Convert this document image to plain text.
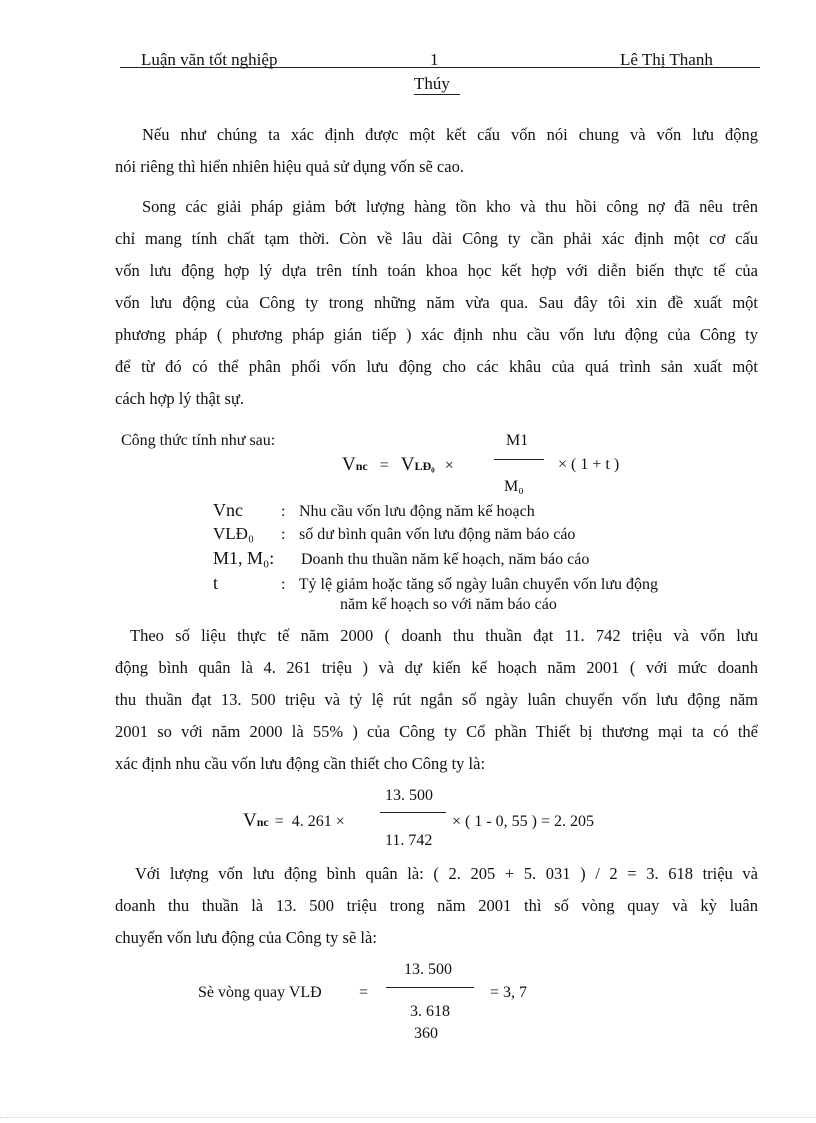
Luận văn tốt nghiệp	1	Lê Thị Thanh
Thúy
Nếu như chúng ta xác định được một kết cấu vốn nói chung và vốn lưu động
nói riêng thì hiển nhiên hiệu quả sử dụng vốn sẽ cao.
Song các giải pháp giảm bớt lượng hàng tồn kho và thu hồi công nợ đã nêu trên
chỉ mang tính chất tạm thời. Còn về lâu dài Công ty cần phải xác định một cơ cấu
vốn lưu động hợp lý dựa trên tính toán khoa học kết hợp với diễn biến thực tế của
vốn lưu động của Công ty trong những năm vừa qua. Sau đây tôi xin đề xuất một
phương pháp ( phương pháp gián tiếp ) xác định nhu cầu vốn lưu động của Công ty
để từ đó có thể phân phối vốn lưu động cho các khâu của quá trình sản xuất một
cách hợp lý thật sự.
Công thức tính như sau:	M1
M₀
Vnc = VLĐ₀ ×	× ( 1 + t )
Vnc : Nhu cầu vốn lưu động năm kế hoạch
VLĐ₀ : số dư bình quân vốn lưu động năm báo cáo
M1, M₀: Doanh thu thuần năm kế hoạch, năm báo cáo
t	: Tỷ lệ giảm hoặc tăng số ngày luân chuyển vốn lưu động
năm kế hoạch so với năm báo cáo
Theo số liệu thực tế năm 2000 ( doanh thu thuần đạt 11. 742 triệu và vốn lưu
động bình quân là 4. 261 triệu ) và dự kiến kế hoạch năm 2001 ( với mức doanh
thu thuần đạt 13. 500 triệu và tỷ lệ rút ngắn số ngày luân chuyển vốn lưu động năm
2001 so với năm 2000 là 55% ) của Công ty Cổ phần Thiết bị thương mại ta có thể
xác định nhu cầu vốn lưu động cần thiết cho Công ty là:
13. 500
11. 742
Vnc = 4. 261 ×	× ( 1 - 0, 55 ) = 2. 205
Với lượng vốn lưu động bình quân là: ( 2. 205 + 5. 031 ) / 2 = 3. 618 triệu và
doanh thu thuần là 13. 500 triệu trong năm 2001 thì số vòng quay và kỳ luân
chuyển vốn lưu động của Công ty sẽ là:
13. 500
3. 618
Sè vòng quay VLĐ =	= 3, 7
360
